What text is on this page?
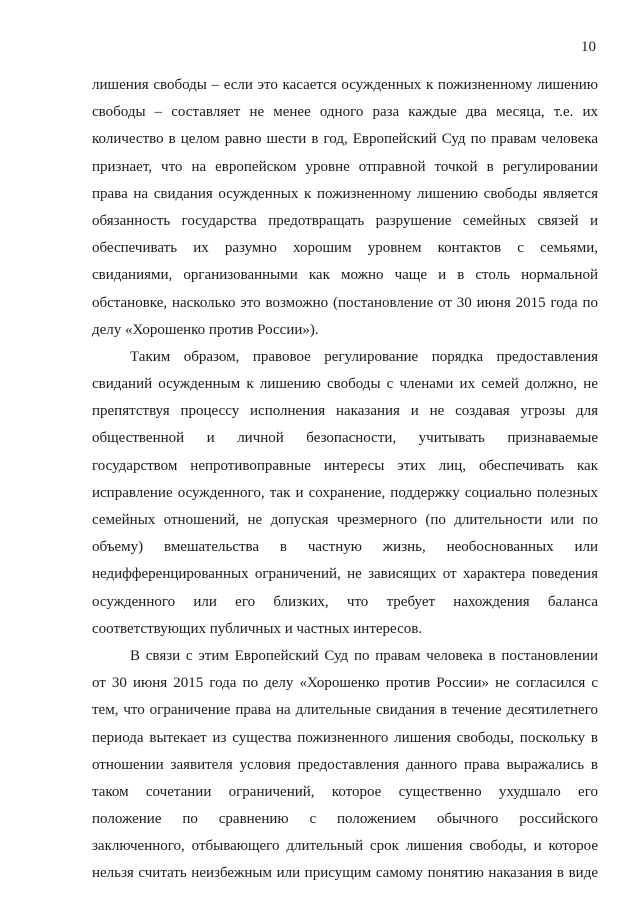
10
лишения свободы – если это касается осужденных к пожизненному лишению
свободы – составляет не менее одного раза каждые два месяца, т.е. их
количество в целом равно шести в год, Европейский Суд по правам человека
признает, что на европейском уровне отправной точкой в регулировании
права на свидания осужденных к пожизненному лишению свободы является
обязанность государства предотвращать разрушение семейных связей и
обеспечивать их разумно хорошим уровнем контактов с семьями,
свиданиями, организованными как можно чаще и в столь нормальной
обстановке, насколько это возможно (постановление от 30 июня 2015 года по
делу «Хорошенко против России»).
Таким образом, правовое регулирование порядка предоставления
свиданий осужденным к лишению свободы с членами их семей должно, не
препятствуя процессу исполнения наказания и не создавая угрозы для
общественной и личной безопасности, учитывать признаваемые
государством непротивоправные интересы этих лиц, обеспечивать как
исправление осужденного, так и сохранение, поддержку социально полезных
семейных отношений, не допуская чрезмерного (по длительности или по
объему) вмешательства в частную жизнь, необоснованных или
недифференцированных ограничений, не зависящих от характера поведения
осужденного или его близких, что требует нахождения баланса
соответствующих публичных и частных интересов.
В связи с этим Европейский Суд по правам человека в постановлении
от 30 июня 2015 года по делу «Хорошенко против России» не согласился с
тем, что ограничение права на длительные свидания в течение десятилетнего
периода вытекает из существа пожизненного лишения свободы, поскольку в
отношении заявителя условия предоставления данного права выражались в
таком сочетании ограничений, которое существенно ухудшало его
положение по сравнению с положением обычного российского
заключенного, отбывающего длительный срок лишения свободы, и которое
нельзя считать неизбежным или присущим самому понятию наказания в виде
